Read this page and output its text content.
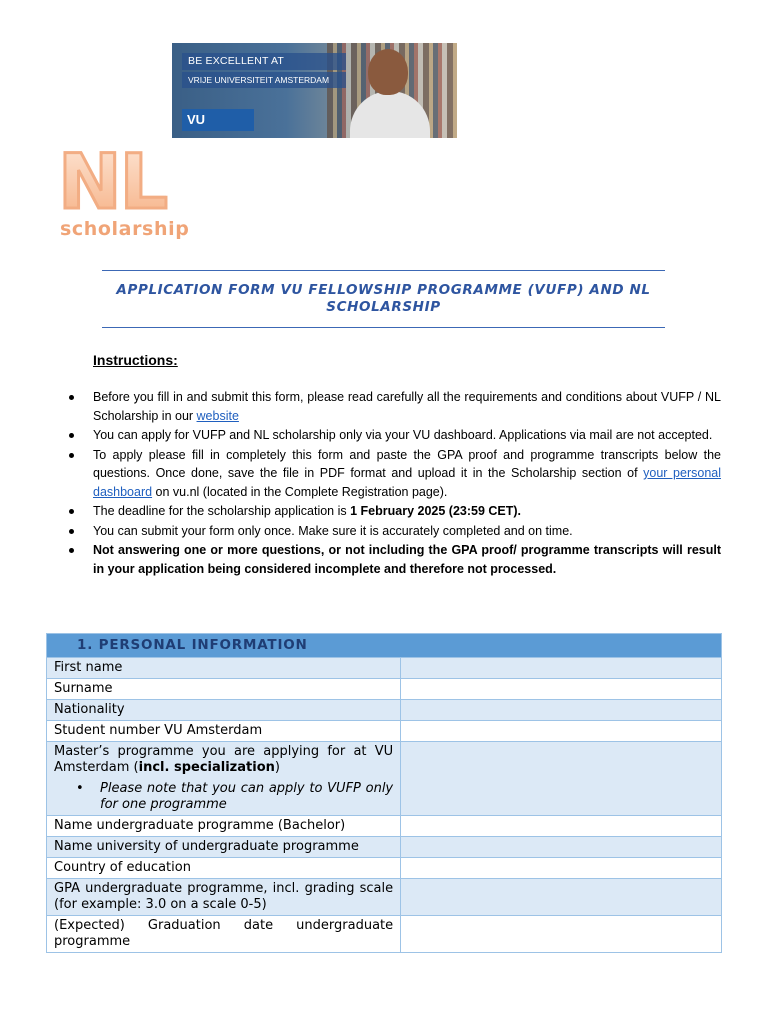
BE EXCELLENT AT
VRIJE UNIVERSITEIT AMSTERDAM
VU
NL
scholarship
APPLICATION FORM VU FELLOWSHIP PROGRAMME (VUFP) AND NL SCHOLARSHIP
Instructions:
Before you fill in and submit this form, please read carefully all the requirements and conditions about VUFP / NL Scholarship in our website
You can apply for VUFP and NL scholarship only via your VU dashboard. Applications via mail are not accepted.
To apply please fill in completely this form and paste the GPA proof and programme transcripts below the questions. Once done, save the file in PDF format and upload it in the Scholarship section of your personal dashboard on vu.nl (located in the Complete Registration page).
The deadline for the scholarship application is 1 February 2025 (23:59 CET).
You can submit your form only once. Make sure it is accurately completed and on time.
Not answering one or more questions, or not including the GPA proof/ programme transcripts will result in your application being considered incomplete and therefore not processed.
1. PERSONAL INFORMATION	
First name	
Surname	
Nationality	
Student number VU Amsterdam	
Master’s programme you are applying for at VU Amsterdam (incl. specialization)
• Please note that you can apply to VUFP only for one programme

Name undergraduate programme (Bachelor)	
Name university of undergraduate programme	
Country of education	
GPA undergraduate programme, incl. grading scale (for example: 3.0 on a scale 0-5)	
(Expected) Graduation date undergraduate programme	
